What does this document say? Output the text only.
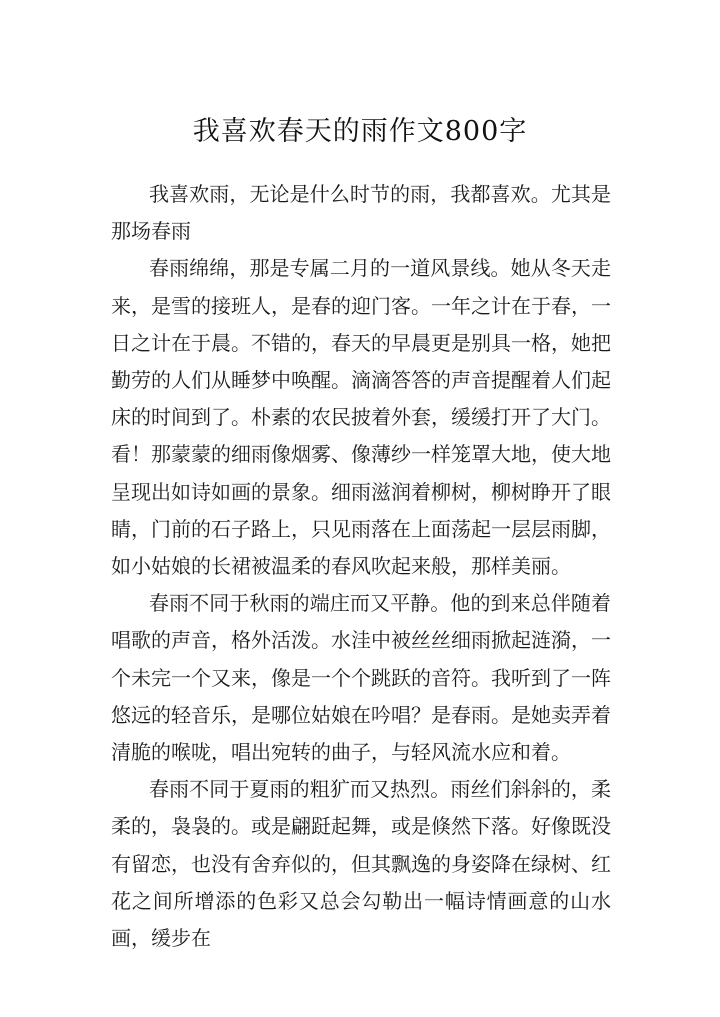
我喜欢春天的雨作文800字

我喜欢雨，无论是什么时节的雨，我都喜欢。尤其是那场春雨

春雨绵绵，那是专属二月的一道风景线。她从冬天走来，是雪的接班人，是春的迎门客。一年之计在于春，一日之计在于晨。不错的，春天的早晨更是别具一格，她把勤劳的人们从睡梦中唤醒。滴滴答答的声音提醒着人们起床的时间到了。朴素的农民披着外套，缓缓打开了大门。看！那蒙蒙的细雨像烟雾、像薄纱一样笼罩大地，使大地呈现出如诗如画的景象。细雨滋润着柳树，柳树睁开了眼睛，门前的石子路上，只见雨落在上面荡起一层层雨脚，如小姑娘的长裙被温柔的春风吹起来般，那样美丽。

春雨不同于秋雨的端庄而又平静。他的到来总伴随着唱歌的声音，格外活泼。水洼中被丝丝细雨掀起涟漪，一个未完一个又来，像是一个个跳跃的音符。我听到了一阵悠远的轻音乐，是哪位姑娘在吟唱？是春雨。是她卖弄着清脆的喉咙，唱出宛转的曲子，与轻风流水应和着。

春雨不同于夏雨的粗犷而又热烈。雨丝们斜斜的，柔柔的，袅袅的。或是翩跹起舞，或是倏然下落。好像既没有留恋，也没有舍弃似的，但其飘逸的身姿降在绿树、红花之间所增添的色彩又总会勾勒出一幅诗情画意的山水画，缓步在
